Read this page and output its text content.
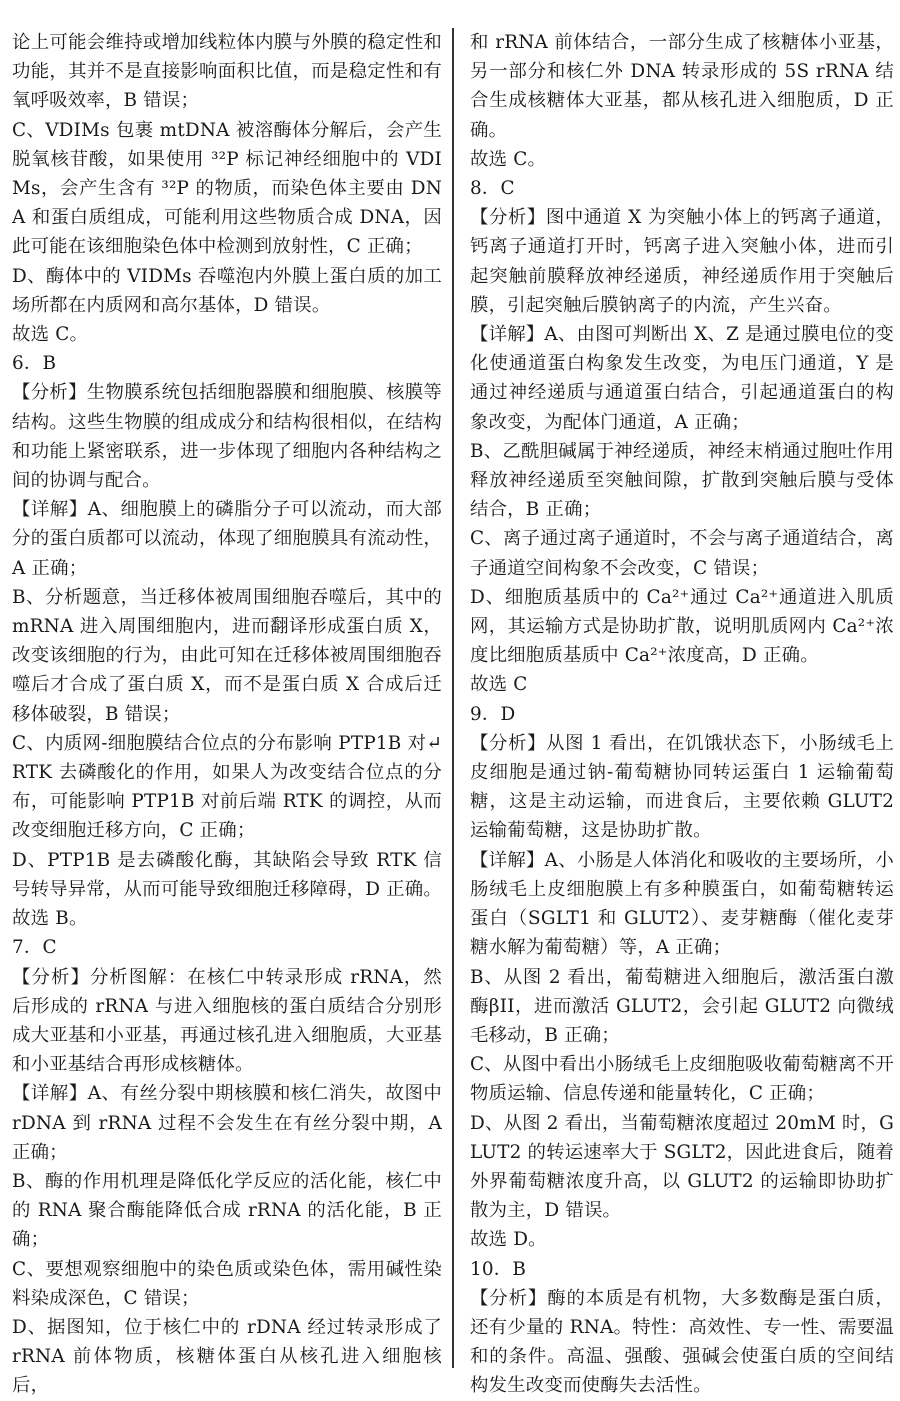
论上可能会维持或增加线粒体内膜与外膜的稳定性和功能，其并不是直接影响面积比值，而是稳定性和有氧呼吸效率，B 错误；

C、VDIMs 包裹 mtDNA 被溶酶体分解后，会产生脱氧核苷酸，如果使用 ³²P 标记神经细胞中的 VDIMs，会产生含有 ³²P 的物质，而染色体主要由 DNA 和蛋白质组成，可能利用这些物质合成 DNA，因此可能在该细胞染色体中检测到放射性，C 正确；

D、酶体中的 VIDMs 吞噬泡内外膜上蛋白质的加工场所都在内质网和高尔基体，D 错误。

故选 C。

6．B

【分析】生物膜系统包括细胞器膜和细胞膜、核膜等结构。这些生物膜的组成成分和结构很相似，在结构和功能上紧密联系，进一步体现了细胞内各种结构之间的协调与配合。

【详解】A、细胞膜上的磷脂分子可以流动，而大部分的蛋白质都可以流动，体现了细胞膜具有流动性，A 正确；

B、分析题意，当迁移体被周围细胞吞噬后，其中的 mRNA 进入周围细胞内，进而翻译形成蛋白质 X，改变该细胞的行为，由此可知在迁移体被周围细胞吞噬后才合成了蛋白质 X，而不是蛋白质 X 合成后迁移体破裂，B 错误；

C、内质网-细胞膜结合位点的分布影响 PTP1B 对↵RTK 去磷酸化的作用，如果人为改变结合位点的分布，可能影响 PTP1B 对前后端 RTK 的调控，从而改变细胞迁移方向，C 正确；

D、PTP1B 是去磷酸化酶，其缺陷会导致 RTK 信号转导异常，从而可能导致细胞迁移障碍，D 正确。

故选 B。

7．C

【分析】分析图解：在核仁中转录形成 rRNA，然后形成的 rRNA 与进入细胞核的蛋白质结合分别形成大亚基和小亚基，再通过核孔进入细胞质，大亚基和小亚基结合再形成核糖体。

【详解】A、有丝分裂中期核膜和核仁消失，故图中 rDNA 到 rRNA 过程不会发生在有丝分裂中期，A 正确；

B、酶的作用机理是降低化学反应的活化能，核仁中的 RNA 聚合酶能降低合成 rRNA 的活化能，B 正确；

C、要想观察细胞中的染色质或染色体，需用碱性染料染成深色，C 错误；

D、据图知，位于核仁中的 rDNA 经过转录形成了 rRNA 前体物质，核糖体蛋白从核孔进入细胞核后，

和 rRNA 前体结合，一部分生成了核糖体小亚基，另一部分和核仁外 DNA 转录形成的 5S rRNA 结合生成核糖体大亚基，都从核孔进入细胞质，D 正确。

故选 C。

8．C

【分析】图中通道 X 为突触小体上的钙离子通道，钙离子通道打开时，钙离子进入突触小体，进而引起突触前膜释放神经递质，神经递质作用于突触后膜，引起突触后膜钠离子的内流，产生兴奋。

【详解】A、由图可判断出 X、Z 是通过膜电位的变化使通道蛋白构象发生改变，为电压门通道，Y 是通过神经递质与通道蛋白结合，引起通道蛋白的构象改变，为配体门通道，A 正确；

B、乙酰胆碱属于神经递质，神经末梢通过胞吐作用释放神经递质至突触间隙，扩散到突触后膜与受体结合，B 正确；

C、离子通过离子通道时，不会与离子通道结合，离子通道空间构象不会改变，C 错误；

D、细胞质基质中的 Ca²⁺通过 Ca²⁺通道进入肌质网，其运输方式是协助扩散，说明肌质网内 Ca²⁺浓度比细胞质基质中 Ca²⁺浓度高，D 正确。

故选 C

9．D

【分析】从图 1 看出，在饥饿状态下，小肠绒毛上皮细胞是通过钠-葡萄糖协同转运蛋白 1 运输葡萄糖，这是主动运输，而进食后，主要依赖 GLUT2 运输葡萄糖，这是协助扩散。

【详解】A、小肠是人体消化和吸收的主要场所，小肠绒毛上皮细胞膜上有多种膜蛋白，如葡萄糖转运蛋白（SGLT1 和 GLUT2）、麦芽糖酶（催化麦芽糖水解为葡萄糖）等，A 正确；

B、从图 2 看出，葡萄糖进入细胞后，激活蛋白激酶βII，进而激活 GLUT2，会引起 GLUT2 向微绒毛移动，B 正确；

C、从图中看出小肠绒毛上皮细胞吸收葡萄糖离不开物质运输、信息传递和能量转化，C 正确；

D、从图 2 看出，当葡萄糖浓度超过 20mM 时，GLUT2 的转运速率大于 SGLT2，因此进食后，随着外界葡萄糖浓度升高，以 GLUT2 的运输即协助扩散为主，D 错误。

故选 D。

10．B

【分析】酶的本质是有机物，大多数酶是蛋白质，还有少量的 RNA。特性：高效性、专一性、需要温和的条件。高温、强酸、强碱会使蛋白质的空间结构发生改变而使酶失去活性。
